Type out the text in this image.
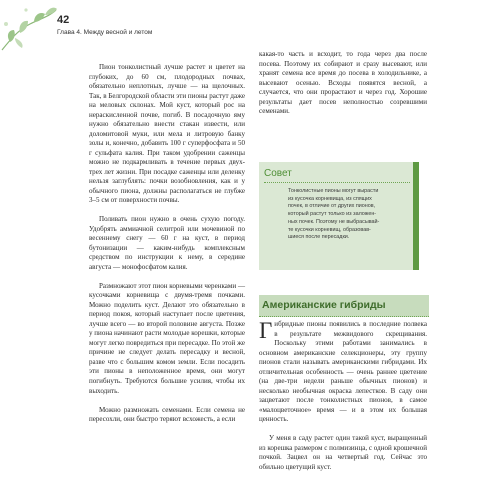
42
Глава 4. Между весной и летом

Пион тонколистный лучше растет и цветет на глубоких, до 60 см, плодородных почвах, обязательно неплотных, лучше — на щелочных. Так, в Белгородской области эти пионы растут даже на меловых склонах. Мой куст, который рос на нераскисленной почве, погиб. В посадочную яму нужно обязательно внести стакан извести, или доломитовой муки, или мела и литровую банку золы и, конечно, добавить 100 г суперфосфата и 50 г сульфата калия. При таком удобрении саженцы можно не подкармливать в течение первых двух-трех лет жизни. При посадке саженцы или деленку нельзя заглублять: почки возобновления, как и у обычного пиона, должны располагаться не глубже 3–5 см от поверхности почвы.

Поливать пион нужно в очень сухую погоду. Удобрять аммиачной селитрой или мочевиной по весеннему снегу — 60 г на куст, в период бутонизации — каким-нибудь комплексным средством по инструкции к нему, в середине августа — монофосфатом калия.

Размножают этот пион корневыми черенками — кусочками корневища с двумя-тремя почками. Можно поделить куст. Делают это обязательно в период покоя, который наступает после цветения, лучше всего — во второй половине августа. Позже у пиона начинают расти молодые корешки, которые могут легко повредиться при пересадке. По этой же причине не следует делать пересадку и весной, разве что с большим комом земли. Если посадить эти пионы в неположенное время, они могут погибнуть. Требуются большие усилия, чтобы их выходить.

Можно размножать семенами. Если семена не пересохли, они быстро теряют всхожесть, а если

какая-то часть и всходит, то года через два после посева. Поэтому их собирают и сразу высевают, или хранят семена все время до посева в холодильнике, а высевают осенью. Всходы появятся весной, а случается, что они прорастают и через год. Хорошие результаты дает посев неполностью созревшими семенами.

Совет
Тонколистные пионы могут вырасти
из кусочка корневища, из спящих
почек, в отличие от других пионов,
который растут только из заложен-
ных почек. Поэтому не выбрасывай-
те кусочки корневищ, образовав-
шиеся после пересадки.
Американские гибриды

Гибридные пионы появились в последние полвека в результате межвидового скрещивания. Поскольку этими работами занимались в основном американские селекционеры, эту группу пионов стали называть американскими гибридами. Их отличительная особенность — очень раннее цветение (на две-три недели раньше обычных пионов) и несколько необычная окраска лепестков. В саду они зацветают после тонколистных пионов, в самое «малоцветочное» время — и в этом их большая ценность.

У меня в саду растет один такой куст, выращенный из корешка размером с полмизинца, с одной крошечной почкой. Зацвел он на четвертый год. Сейчас это обильно цветущий куст.
